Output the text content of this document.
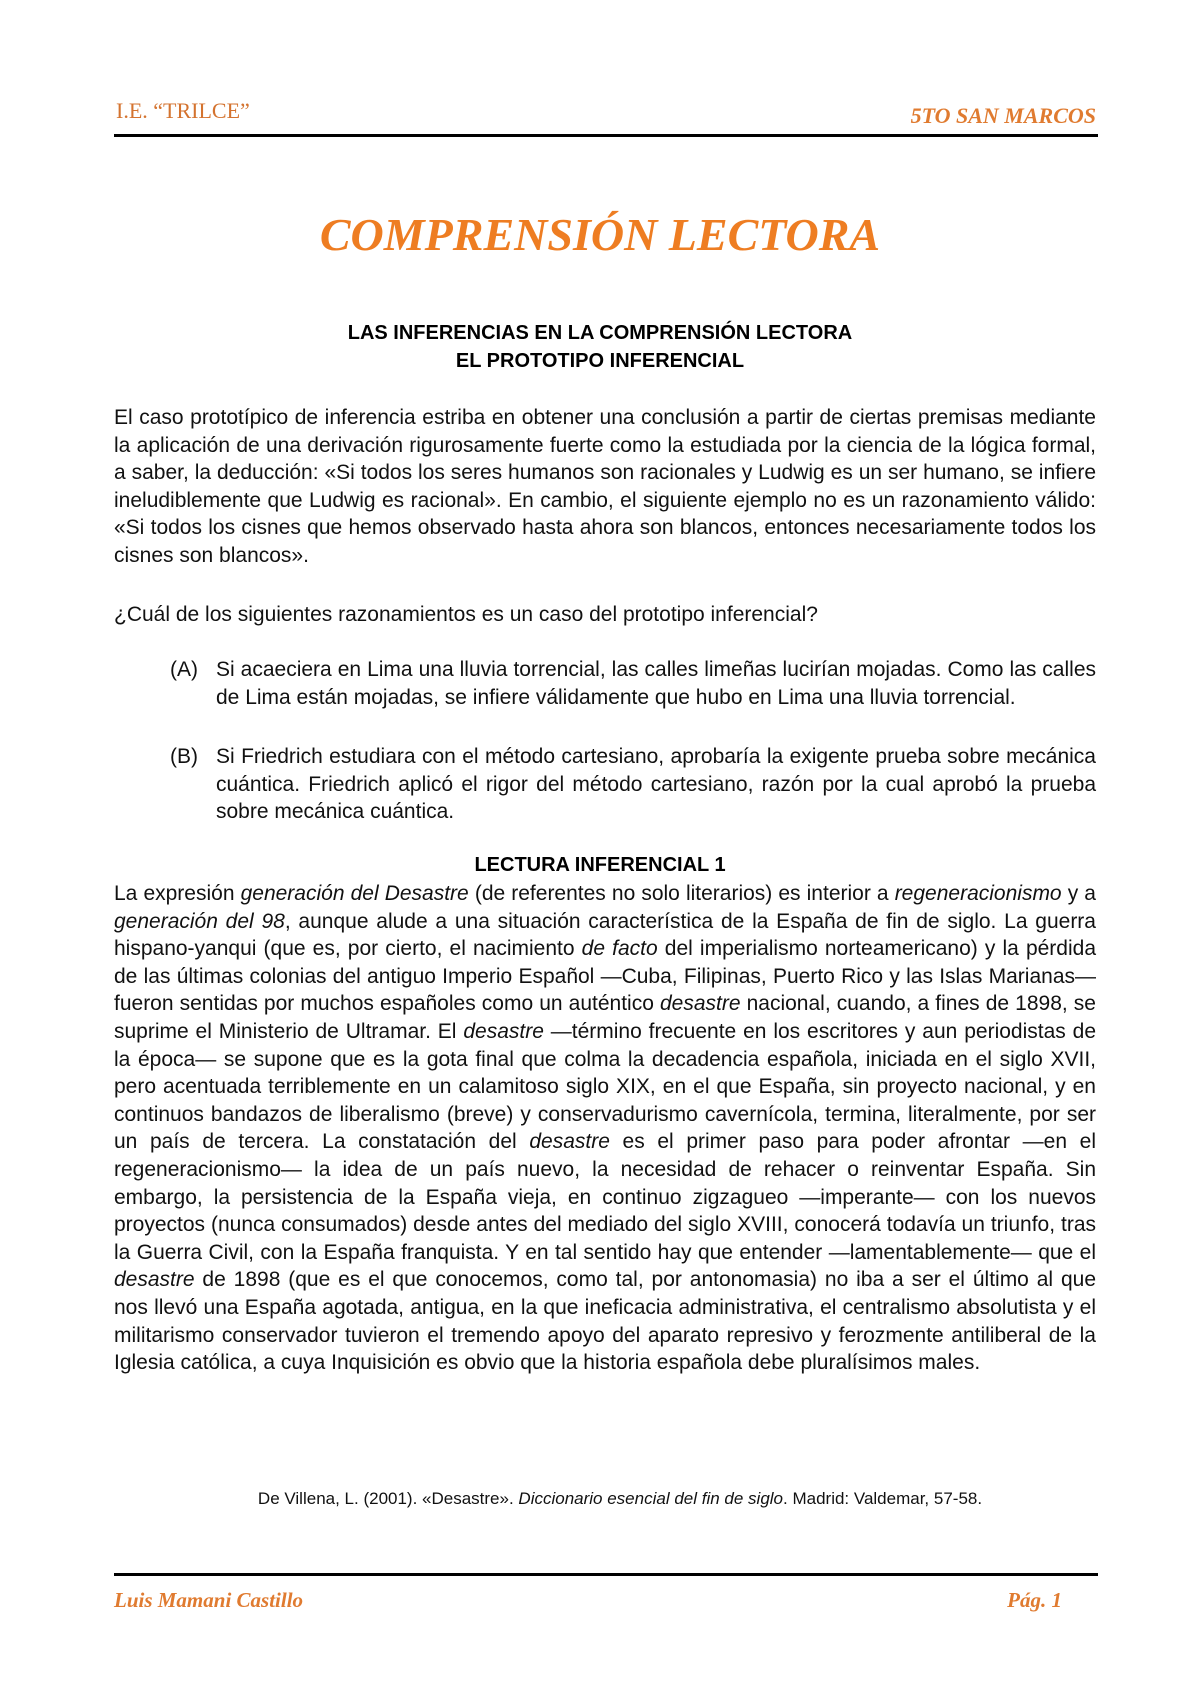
I.E. “TRILCE”	5TO SAN MARCOS
COMPRENSIÓN LECTORA
LAS INFERENCIAS EN LA COMPRENSIÓN LECTORA
EL PROTOTIPO INFERENCIAL
El caso prototípico de inferencia estriba en obtener una conclusión a partir de ciertas premisas mediante la aplicación de una derivación rigurosamente fuerte como la estudiada por la ciencia de la lógica formal, a saber, la deducción: «Si todos los seres humanos son racionales y Ludwig es un ser humano, se infiere ineludiblemente que Ludwig es racional». En cambio, el siguiente ejemplo no es un razonamiento válido: «Si todos los cisnes que hemos observado hasta ahora son blancos, entonces necesariamente todos los cisnes son blancos».
¿Cuál de los siguientes razonamientos es un caso del prototipo inferencial?
(A) Si acaeciera en Lima una lluvia torrencial, las calles limeñas lucirían mojadas. Como las calles de Lima están mojadas, se infiere válidamente que hubo en Lima una lluvia torrencial.
(B) Si Friedrich estudiara con el método cartesiano, aprobaría la exigente prueba sobre mecánica cuántica. Friedrich aplicó el rigor del método cartesiano, razón por la cual aprobó la prueba sobre mecánica cuántica.
LECTURA INFERENCIAL 1
La expresión generación del Desastre (de referentes no solo literarios) es interior a regeneracionismo y a generación del 98, aunque alude a una situación característica de la España de fin de siglo. La guerra hispano-yanqui (que es, por cierto, el nacimiento de facto del imperialismo norteamericano) y la pérdida de las últimas colonias del antiguo Imperio Español —Cuba, Filipinas, Puerto Rico y las Islas Marianas— fueron sentidas por muchos españoles como un auténtico desastre nacional, cuando, a fines de 1898, se suprime el Ministerio de Ultramar. El desastre —término frecuente en los escritores y aun periodistas de la época— se supone que es la gota final que colma la decadencia española, iniciada en el siglo XVII, pero acentuada terriblemente en un calamitoso siglo XIX, en el que España, sin proyecto nacional, y en continuos bandazos de liberalismo (breve) y conservadurismo cavernícola, termina, literalmente, por ser un país de tercera. La constatación del desastre es el primer paso para poder afrontar —en el regeneracionismo— la idea de un país nuevo, la necesidad de rehacer o reinventar España. Sin embargo, la persistencia de la España vieja, en continuo zigzagueo —imperante— con los nuevos proyectos (nunca consumados) desde antes del mediado del siglo XVIII, conocerá todavía un triunfo, tras la Guerra Civil, con la España franquista. Y en tal sentido hay que entender —lamentablemente— que el desastre de 1898 (que es el que conocemos, como tal, por antonomasia) no iba a ser el último al que nos llevó una España agotada, antigua, en la que ineficacia administrativa, el centralismo absolutista y el militarismo conservador tuvieron el tremendo apoyo del aparato represivo y ferozmente antiliberal de la Iglesia católica, a cuya Inquisición es obvio que la historia española debe pluralísimos males.
De Villena, L. (2001). «Desastre». Diccionario esencial del fin de siglo. Madrid: Valdemar, 57-58.
Luis Mamani Castillo	Pág. 1
